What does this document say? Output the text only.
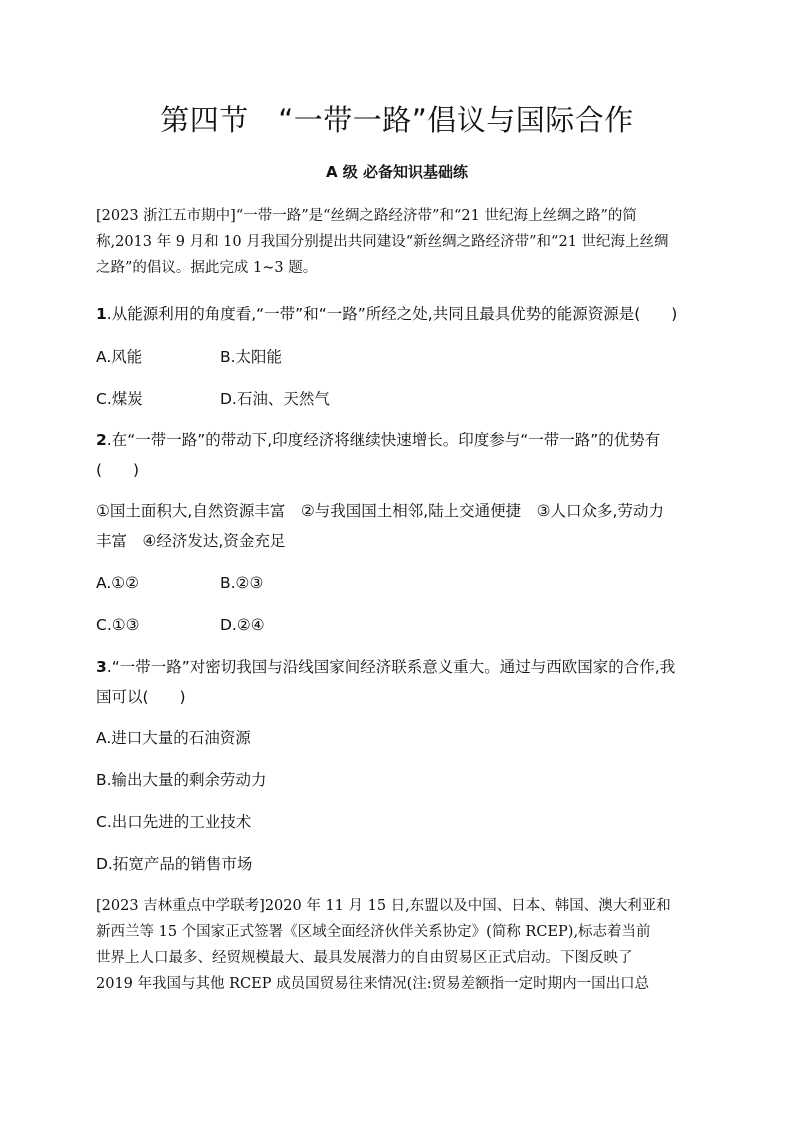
第四节　“一带一路”倡议与国际合作
A 级 必备知识基础练
[2023 浙江五市期中]“一带一路”是“丝绸之路经济带”和“21 世纪海上丝绸之路”的简
称,2013 年 9 月和 10 月我国分别提出共同建设“新丝绸之路经济带”和“21 世纪海上丝绸
之路”的倡议。据此完成 1~3 题。
1.从能源利用的角度看,“一带”和“一路”所经之处,共同且最具优势的能源资源是(　　)
A.风能	B.太阳能
C.煤炭	D.石油、天然气
2.在“一带一路”的带动下,印度经济将继续快速增长。印度参与“一带一路”的优势有
(　　)
①国土面积大,自然资源丰富　②与我国国土相邻,陆上交通便捷　③人口众多,劳动力
丰富　④经济发达,资金充足
A.①②	B.②③
C.①③	D.②④
3.“一带一路”对密切我国与沿线国家间经济联系意义重大。通过与西欧国家的合作,我
国可以(　　)
A.进口大量的石油资源
B.输出大量的剩余劳动力
C.出口先进的工业技术
D.拓宽产品的销售市场
[2023 吉林重点中学联考]2020 年 11 月 15 日,东盟以及中国、日本、韩国、澳大利亚和
新西兰等 15 个国家正式签署《区域全面经济伙伴关系协定》(简称 RCEP),标志着当前
世界上人口最多、经贸规模最大、最具发展潜力的自由贸易区正式启动。下图反映了
2019 年我国与其他 RCEP 成员国贸易往来情况(注:贸易差额指一定时期内一国出口总
